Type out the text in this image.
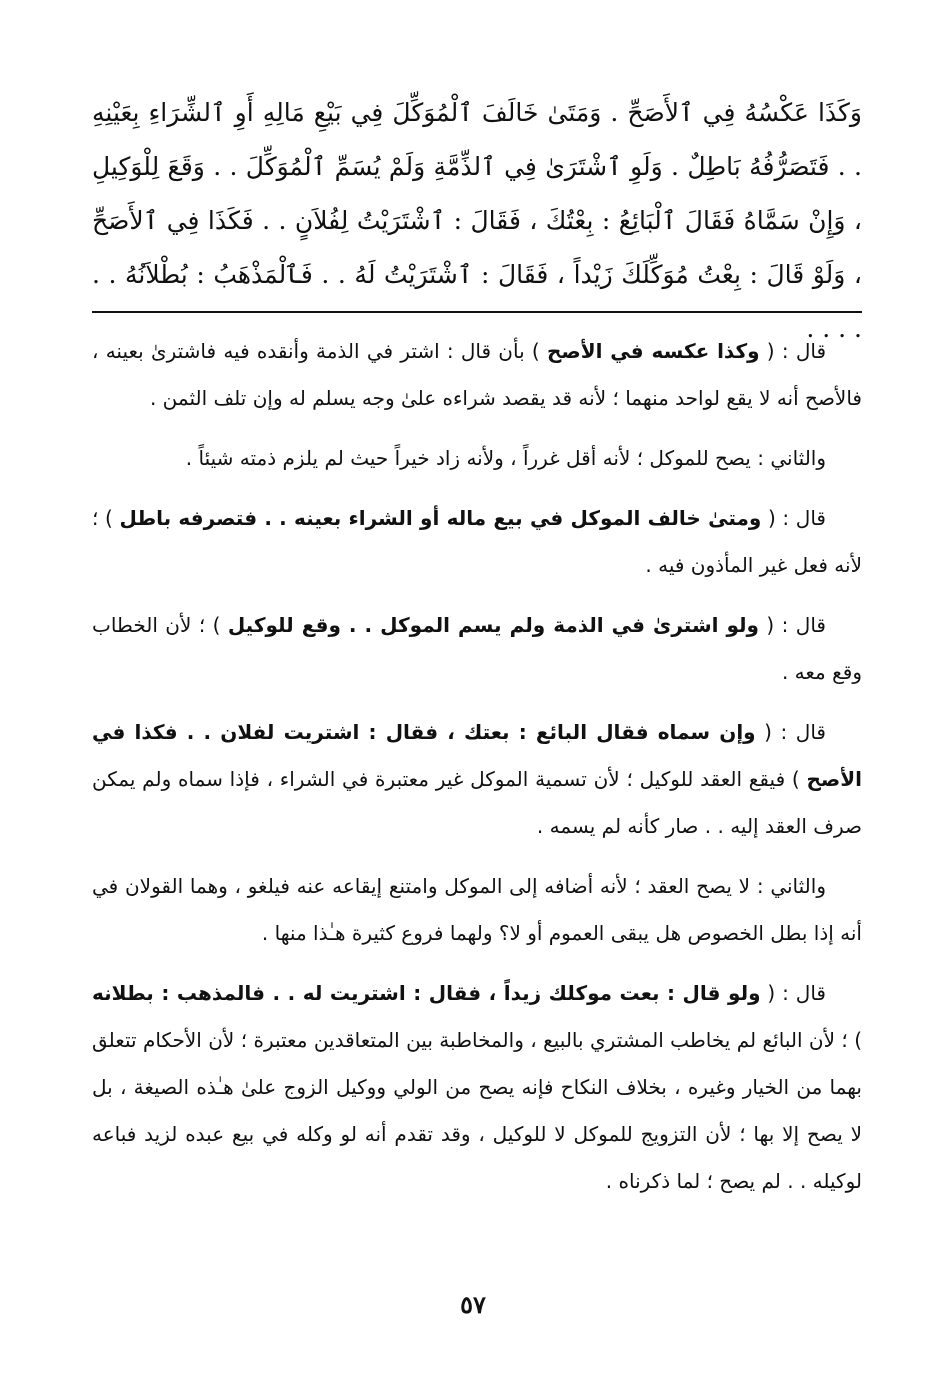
وَكَذَا عَكْسُهُ فِي ٱلأَصَحِّ . وَمَتَىٰ خَالَفَ ٱلْمُوَكِّلَ فِي بَيْعِ مَالِهِ أَوِ ٱلشِّرَاءِ بِعَيْنِهِ . . فَتَصَرُّفُهُ بَاطِلٌ . وَلَوِ ٱشْتَرَىٰ فِي ٱلذِّمَّةِ وَلَمْ يُسَمِّ ٱلْمُوَكِّلَ . . وَقَعَ لِلْوَكِيلِ ، وَإِنْ سَمَّاهُ فَقَالَ ٱلْبَائِعُ : بِعْتُكَ ، فَقَالَ : ٱشْتَرَيْتُ لِفُلاَنٍ . . فَكَذَا فِي ٱلأَصَحِّ ، وَلَوْ قَالَ : بِعْتُ مُوَكِّلَكَ زَيْداً ، فَقَالَ : ٱشْتَرَيْتُ لَهُ . . فَٱلْمَذْهَبُ : بُطْلاَنُهُ . . . . . .

قال : ( وكذا عكسه في الأصح ) بأن قال : اشتر في الذمة وأنقده فيه فاشترىٰ بعينه ، فالأصح أنه لا يقع لواحد منهما ؛ لأنه قد يقصد شراءه علىٰ وجه يسلم له وإن تلف الثمن .

والثاني : يصح للموكل ؛ لأنه أقل غرراً ، ولأنه زاد خيراً حيث لم يلزم ذمته شيئاً .

قال : ( ومتىٰ خالف الموكل في بيع ماله أو الشراء بعينه . . فتصرفه باطل ) ؛ لأنه فعل غير المأذون فيه .

قال : ( ولو اشترىٰ في الذمة ولم يسم الموكل . . وقع للوكيل ) ؛ لأن الخطاب وقع معه .

قال : ( وإن سماه فقال البائع : بعتك ، فقال : اشتريت لفلان . . فكذا في الأصح ) فيقع العقد للوكيل ؛ لأن تسمية الموكل غير معتبرة في الشراء ، فإذا سماه ولم يمكن صرف العقد إليه . . صار كأنه لم يسمه .

والثاني : لا يصح العقد ؛ لأنه أضافه إلى الموكل وامتنع إيقاعه عنه فيلغو ، وهما القولان في أنه إذا بطل الخصوص هل يبقى العموم أو لا؟ ولهما فروع كثيرة هـٰذا منها .

قال : ( ولو قال : بعت موكلك زيداً ، فقال : اشتريت له . . فالمذهب : بطلانه ) ؛ لأن البائع لم يخاطب المشتري بالبيع ، والمخاطبة بين المتعاقدين معتبرة ؛ لأن الأحكام تتعلق بهما من الخيار وغيره ، بخلاف النكاح فإنه يصح من الولي ووكيل الزوج علىٰ هـٰذه الصيغة ، بل لا يصح إلا بها ؛ لأن التزويج للموكل لا للوكيل ، وقد تقدم أنه لو وكله في بيع عبده لزيد فباعه لوكيله . . لم يصح ؛ لما ذكرناه .

٥٧
